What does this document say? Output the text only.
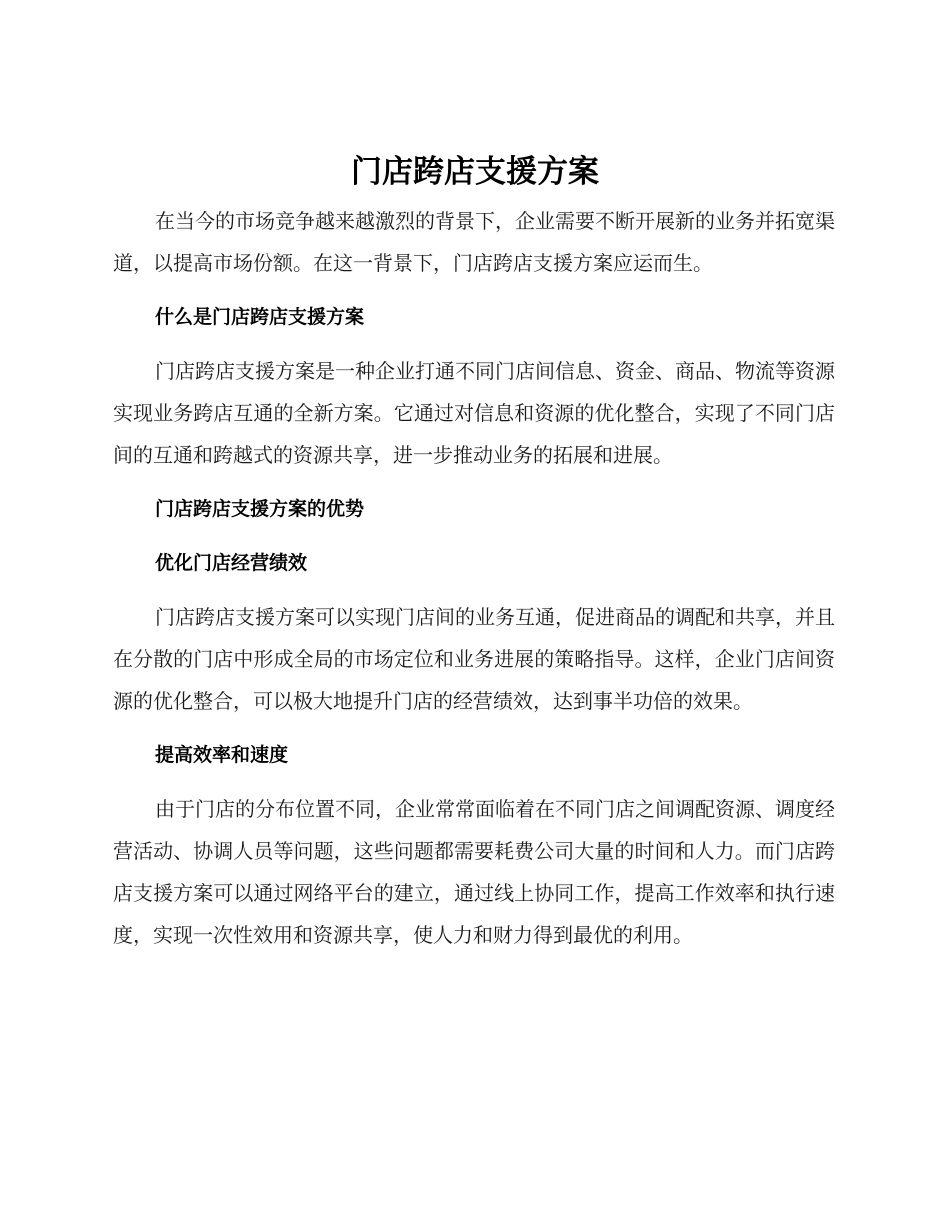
门店跨店支援方案

在当今的市场竞争越来越激烈的背景下，企业需要不断开展新的业务并拓宽渠道，以提高市场份额。在这一背景下，门店跨店支援方案应运而生。

什么是门店跨店支援方案

门店跨店支援方案是一种企业打通不同门店间信息、资金、商品、物流等资源实现业务跨店互通的全新方案。它通过对信息和资源的优化整合，实现了不同门店间的互通和跨越式的资源共享，进一步推动业务的拓展和进展。

门店跨店支援方案的优势
优化门店经营绩效

门店跨店支援方案可以实现门店间的业务互通，促进商品的调配和共享，并且在分散的门店中形成全局的市场定位和业务进展的策略指导。这样，企业门店间资源的优化整合，可以极大地提升门店的经营绩效，达到事半功倍的效果。

提高效率和速度

由于门店的分布位置不同，企业常常面临着在不同门店之间调配资源、调度经营活动、协调人员等问题，这些问题都需要耗费公司大量的时间和人力。而门店跨店支援方案可以通过网络平台的建立，通过线上协同工作，提高工作效率和执行速度，实现一次性效用和资源共享，使人力和财力得到最优的利用。
